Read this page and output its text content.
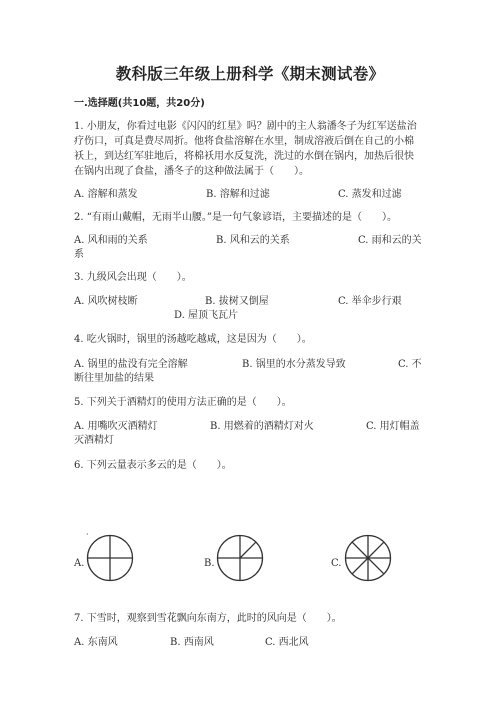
教科版三年级上册科学《期末测试卷》
一.选择题(共10题，共20分)
1. 小朋友，你看过电影《闪闪的红星》吗？剧中的主人翁潘冬子为红军送盐治
疗伤口，可真是费尽周折。他将食盐溶解在水里，制成溶液后倒在自己的小棉
袄上，到达红军驻地后，将棉袄用水反复洗，洗过的水倒在锅内，加热后很快
在锅内出现了食盐，潘冬子的这种做法属于（　　）。
A. 溶解和蒸发	B. 溶解和过滤	C. 蒸发和过滤
2. “有雨山戴帽，无雨半山腰。”是一句气象谚语，主要描述的是（　　）。
A. 风和雨的关系	B. 风和云的关系	C. 雨和云的关
系
3. 九级风会出现（　　）。
A. 风吹树枝断	B. 拔树又倒屋	C. 举伞步行艰
D. 屋顶飞瓦片
4. 吃火锅时，锅里的汤越吃越咸，这是因为（　　）。
A. 锅里的盐没有完全溶解	B. 锅里的水分蒸发导致	C. 不
断往里加盐的结果
5. 下列关于酒精灯的使用方法正确的是（　　）。
A. 用嘴吹灭酒精灯	B. 用燃着的酒精灯对火	C. 用灯帽盖
灭酒精灯
6. 下列云量表示多云的是（　　）。
·
A.	B.	C.
7. 下雪时，观察到雪花飘向东南方，此时的风向是（　　）。
A. 东南风	B. 西南风	C. 西北风
